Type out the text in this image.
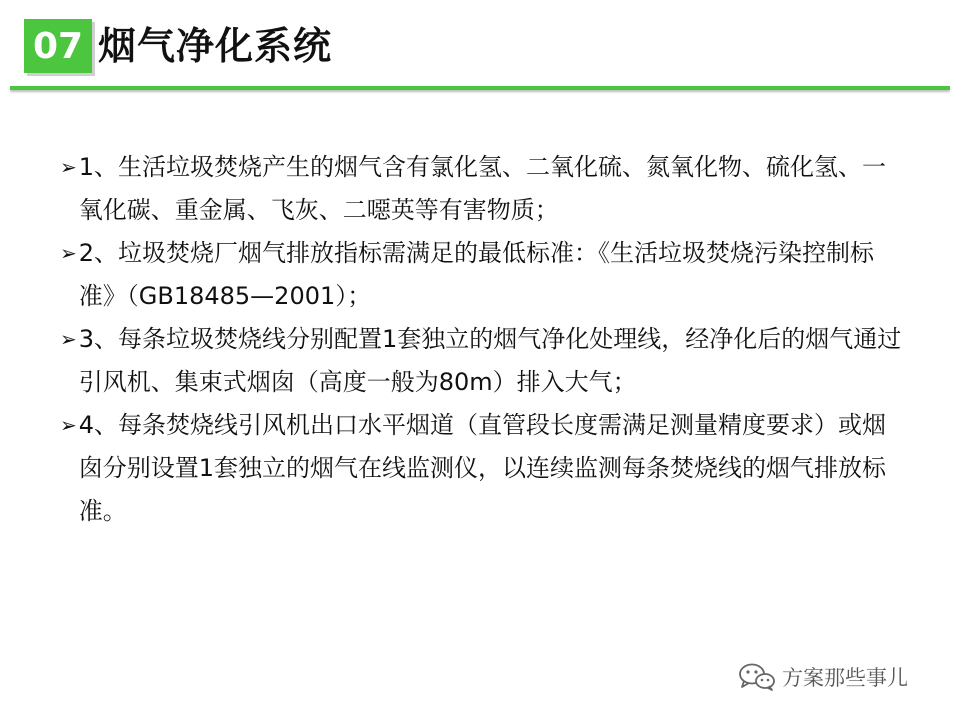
07 烟气净化系统
➢ 1、生活垃圾焚烧产生的烟气含有氯化氢、二氧化硫、氮氧化物、硫化氢、一氧化碳、重金属、飞灰、二噁英等有害物质；
➢ 2、垃圾焚烧厂烟气排放指标需满足的最低标准：《生活垃圾焚烧污染控制标准》（GB18485—2001）；
➢ 3、每条垃圾焚烧线分别配置1套独立的烟气净化处理线，经净化后的烟气通过引风机、集束式烟囱（高度一般为80m）排入大气；
➢ 4、每条焚烧线引风机出口水平烟道（直管段长度需满足测量精度要求）或烟囱分别设置1套独立的烟气在线监测仪，以连续监测每条焚烧线的烟气排放标准。
方案那些事儿
